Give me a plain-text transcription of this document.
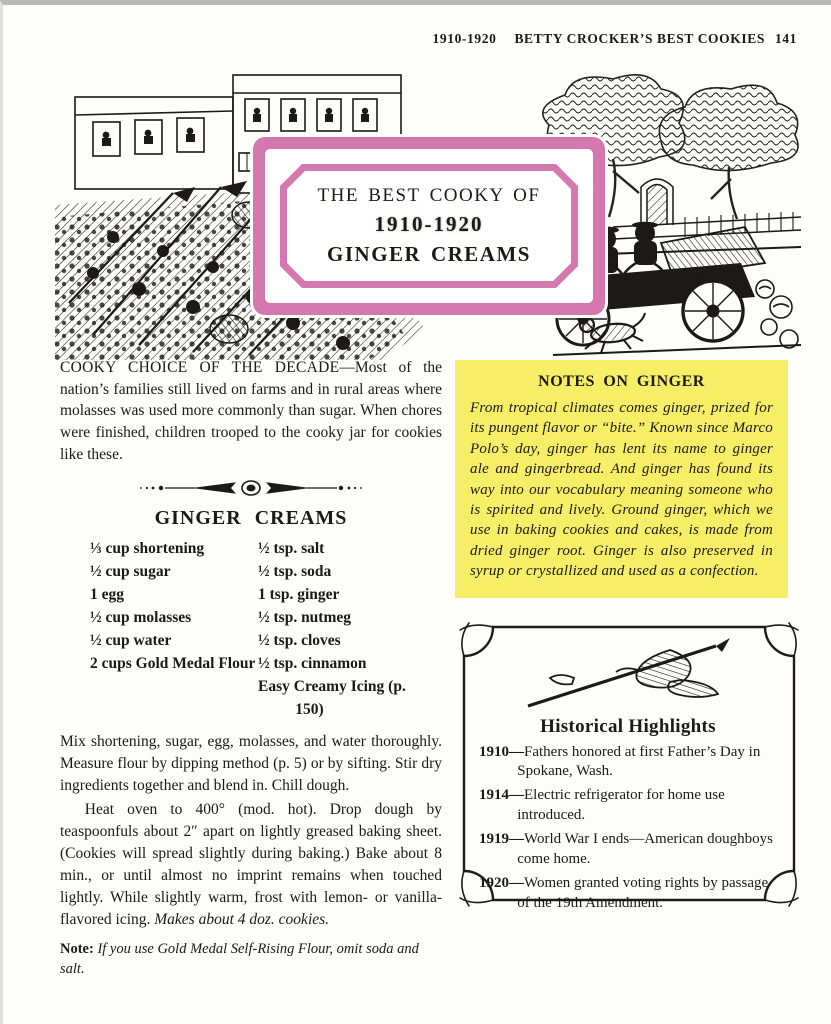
1910-1920 BETTY CROCKER’S BEST COOKIES 141
THE BEST COOKY OF
1910-1920
GINGER CREAMS

COOKY CHOICE OF THE DECADE—Most of the nation’s families still lived on farms and in rural areas where molasses was used more commonly than sugar. When chores were finished, children trooped to the cooky jar for cookies like these.

GINGER CREAMS
⅓ cup shortening
½ cup sugar
1 egg
½ cup molasses
½ cup water
2 cups Gold Medal Flour
½ tsp. salt
½ tsp. soda
1 tsp. ginger
½ tsp. nutmeg
½ tsp. cloves
½ tsp. cinnamon
Easy Creamy Icing (p. 150)

Mix shortening, sugar, egg, molasses, and water thoroughly. Measure flour by dipping method (p. 5) or by sifting. Stir dry ingredients together and blend in. Chill dough.

Heat oven to 400° (mod. hot). Drop dough by teaspoonfuls about 2″ apart on lightly greased baking sheet. (Cookies will spread slightly during baking.) Bake about 8 min., or until almost no imprint remains when touched lightly. While slightly warm, frost with lemon- or vanilla-flavored icing. Makes about 4 doz. cookies.

Note: If you use Gold Medal Self-Rising Flour, omit soda and salt.

NOTES ON GINGER

From tropical climates comes ginger, prized for its pungent flavor or “bite.” Known since Marco Polo’s day, ginger has lent its name to ginger ale and gingerbread. And ginger has found its way into our vocabulary meaning someone who is spirited and lively. Ground ginger, which we use in baking cookies and cakes, is made from dried ginger root. Ginger is also preserved in syrup or crystallized and used as a confection.

Historical Highlights

1910—Fathers honored at first Father’s Day in Spokane, Wash.

1914—Electric refrigerator for home use introduced.

1919—World War I ends—American doughboys come home.

1920—Women granted voting rights by passage of the 19th Amendment.
